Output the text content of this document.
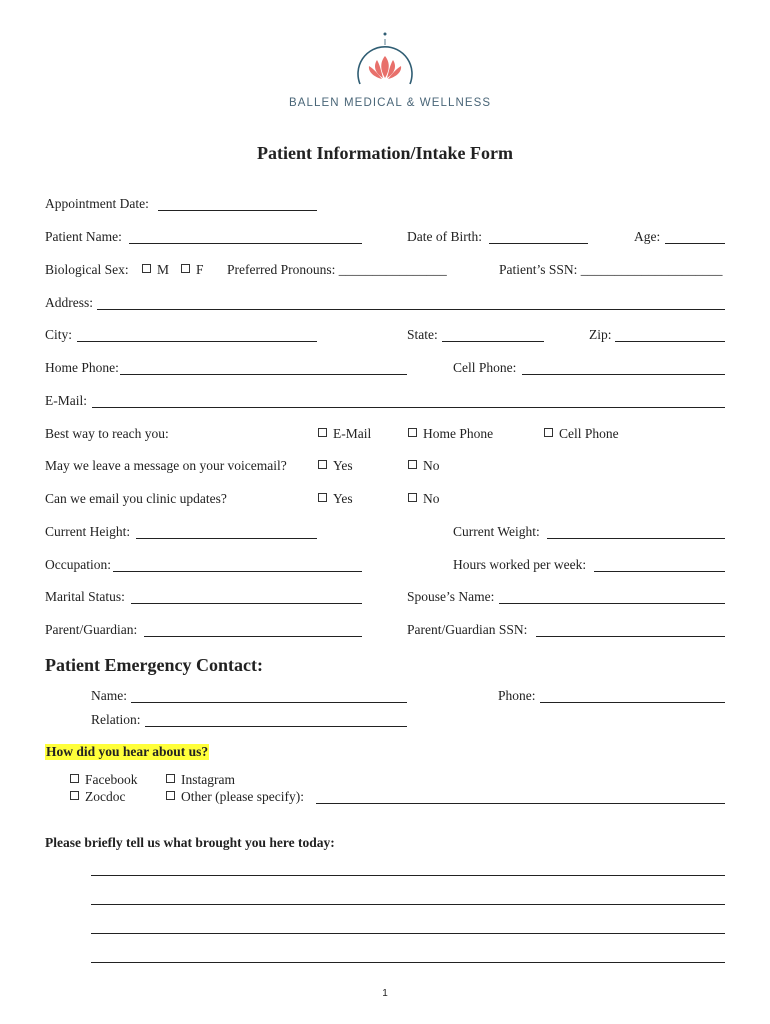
BALLEN MEDICAL & WELLNESS
Patient Information/Intake Form
Appointment Date:
Patient Name:	Date of Birth:	Age:
Biological Sex:	M	F Preferred Pronouns: ________________	Patient’s SSN: _____________________
Address:
City:	State:	Zip:
Home Phone:	Cell Phone:
E-Mail:
Best way to reach you:	E-Mail	Home Phone	Cell Phone
May we leave a message on your voicemail?	Yes	No
Can we email you clinic updates?	Yes	No
Current Height:	Current Weight:
Occupation:	Hours worked per week:
Marital Status:	Spouse’s Name:
Parent/Guardian:	Parent/Guardian SSN:
Patient Emergency Contact:
Name:	Phone:
Relation:
How did you hear about us?
Facebook	Instagram
Zocdoc	Other (please specify):
Please briefly tell us what brought you here today:
1
